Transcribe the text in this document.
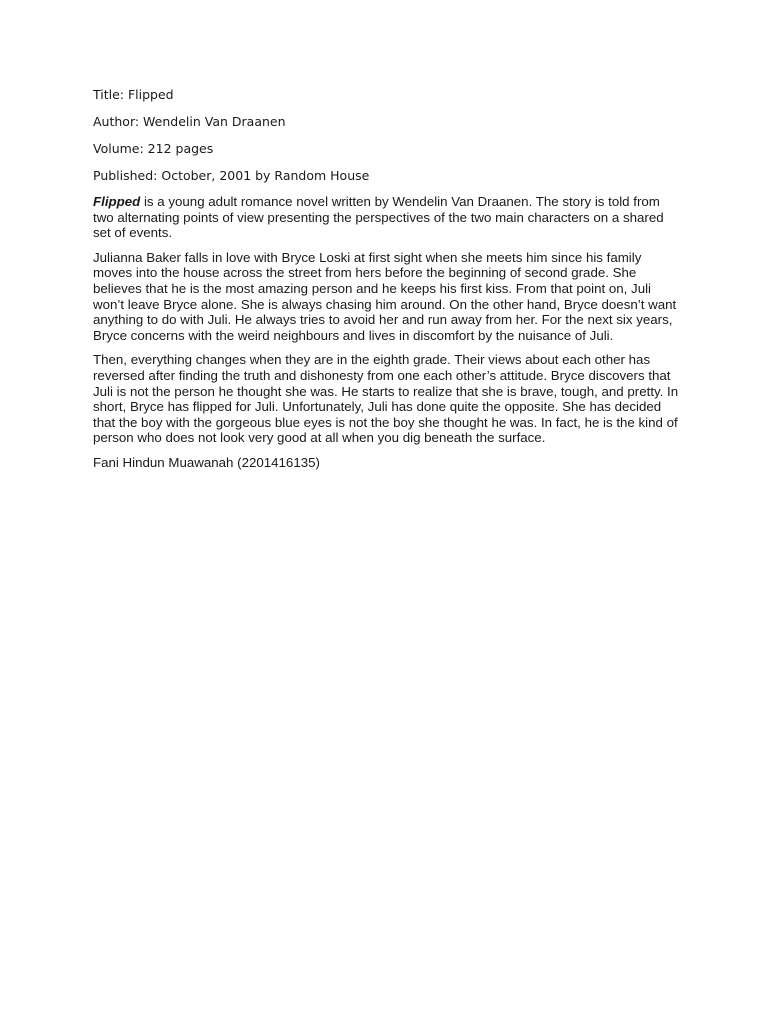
Title: Flipped

Author: Wendelin Van Draanen

Volume: 212 pages

Published: October, 2001 by Random House

Flipped is a young adult romance novel written by Wendelin Van Draanen. The story is told from two alternating points of view presenting the perspectives of the two main characters on a shared set of events.

Julianna Baker falls in love with Bryce Loski at first sight when she meets him since his family moves into the house across the street from hers before the beginning of second grade. She believes that he is the most amazing person and he keeps his first kiss. From that point on, Juli won’t leave Bryce alone. She is always chasing him around. On the other hand, Bryce doesn’t want anything to do with Juli. He always tries to avoid her and run away from her. For the next six years, Bryce concerns with the weird neighbours and lives in discomfort by the nuisance of Juli.

Then, everything changes when they are in the eighth grade. Their views about each other has reversed after finding the truth and dishonesty from one each other’s attitude. Bryce discovers that Juli is not the person he thought she was. He starts to realize that she is brave, tough, and pretty. In short, Bryce has flipped for Juli. Unfortunately, Juli has done quite the opposite. She has decided that the boy with the gorgeous blue eyes is not the boy she thought he was. In fact, he is the kind of person who does not look very good at all when you dig beneath the surface.

Fani Hindun Muawanah (2201416135)
